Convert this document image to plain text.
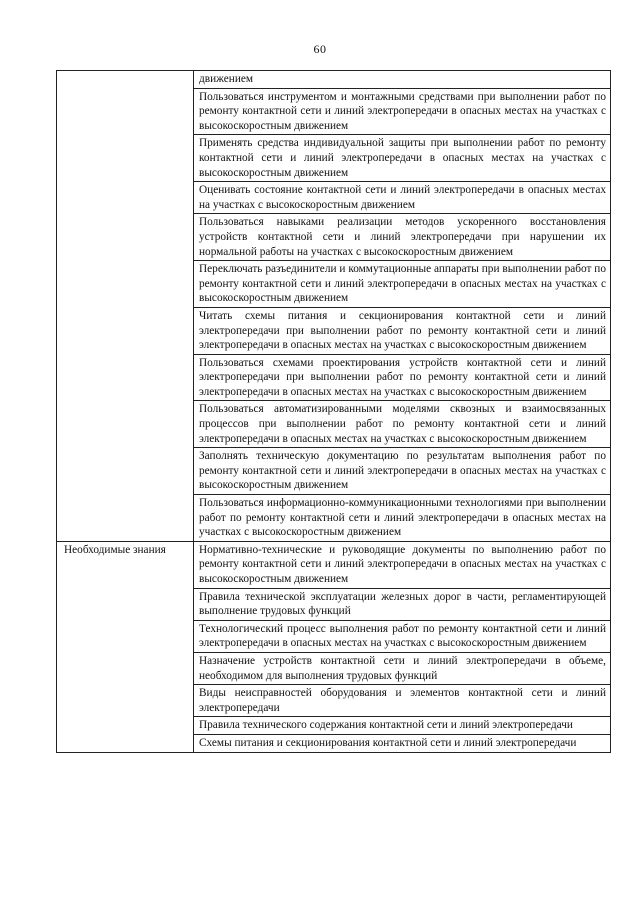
60
	движением
	Пользоваться инструментом и монтажными средствами при выполнении работ по ремонту контактной сети и линий электропередачи в опасных местах на участках с высокоскоростным движением
	Применять средства индивидуальной защиты при выполнении работ по ремонту контактной сети и линий электропередачи в опасных местах на участках с высокоскоростным движением
	Оценивать состояние контактной сети и линий электропередачи в опасных местах на участках с высокоскоростным движением
	Пользоваться навыками реализации методов ускоренного восстановления устройств контактной сети и линий электропередачи при нарушении их нормальной работы на участках с высокоскоростным движением
	Переключать разъединители и коммутационные аппараты при выполнении работ по ремонту контактной сети и линий электропередачи в опасных местах на участках с высокоскоростным движением
	Читать схемы питания и секционирования контактной сети и линий электропередачи при выполнении работ по ремонту контактной сети и линий электропередачи в опасных местах на участках с высокоскоростным движением
	Пользоваться схемами проектирования устройств контактной сети и линий электропередачи при выполнении работ по ремонту контактной сети и линий электропередачи в опасных местах на участках с высокоскоростным движением
	Пользоваться автоматизированными моделями сквозных и взаимосвязанных процессов при выполнении работ по ремонту контактной сети и линий электропередачи в опасных местах на участках с высокоскоростным движением
	Заполнять техническую документацию по результатам выполнения работ по ремонту контактной сети и линий электропередачи в опасных местах на участках с высокоскоростным движением
	Пользоваться информационно-коммуникационными технологиями при выполнении работ по ремонту контактной сети и линий электропередачи в опасных местах на участках с высокоскоростным движением
Необходимые знания	Нормативно-технические и руководящие документы по выполнению работ по ремонту контактной сети и линий электропередачи в опасных местах на участках с высокоскоростным движением
	Правила технической эксплуатации железных дорог в части, регламентирующей выполнение трудовых функций
	Технологический процесс выполнения работ по ремонту контактной сети и линий электропередачи в опасных местах на участках с высокоскоростным движением
	Назначение устройств контактной сети и линий электропередачи в объеме, необходимом для выполнения трудовых функций
	Виды неисправностей оборудования и элементов контактной сети и линий электропередачи
	Правила технического содержания контактной сети и линий электропередачи
	Схемы питания и секционирования контактной сети и линий электропередачи
